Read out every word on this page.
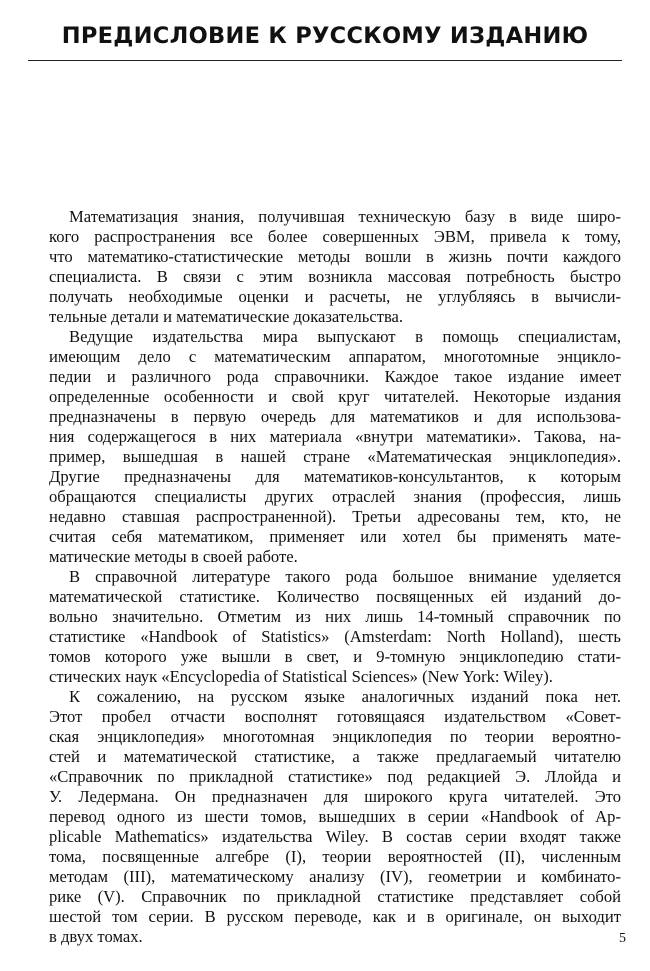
ПРЕДИСЛОВИЕ К РУССКОМУ ИЗДАНИЮ
Математизация знания, получившая техническую базу в виде широ-
кого распространения все более совершенных ЭВМ, привела к тому,
что математико-статистические методы вошли в жизнь почти каждого
специалиста. В связи с этим возникла массовая потребность быстро
получать необходимые оценки и расчеты, не углубляясь в вычисли-
тельные детали и математические доказательства.
Ведущие издательства мира выпускают в помощь специалистам,
имеющим дело с математическим аппаратом, многотомные энцикло-
педии и различного рода справочники. Каждое такое издание имеет
определенные особенности и свой круг читателей. Некоторые издания
предназначены в первую очередь для математиков и для использова-
ния содержащегося в них материала «внутри математики». Такова, на-
пример, вышедшая в нашей стране «Математическая энциклопедия».
Другие предназначены для математиков-консультантов, к которым
обращаются специалисты других отраслей знания (профессия, лишь
недавно ставшая распространенной). Третьи адресованы тем, кто, не
считая себя математиком, применяет или хотел бы применять мате-
матические методы в своей работе.
В справочной литературе такого рода большое внимание уделяется
математической статистике. Количество посвященных ей изданий до-
вольно значительно. Отметим из них лишь 14-томный справочник по
статистике «Handbook of Statistics» (Amsterdam: North Holland), шесть
томов которого уже вышли в свет, и 9-томную энциклопедию стати-
стических наук «Encyclopedia of Statistical Sciences» (New York: Wiley).
К сожалению, на русском языке аналогичных изданий пока нет.
Этот пробел отчасти восполнят готовящаяся издательством «Совет-
ская энциклопедия» многотомная энциклопедия по теории вероятно-
стей и математической статистике, а также предлагаемый читателю
«Справочник по прикладной статистике» под редакцией Э. Ллойда и
У. Ледермана. Он предназначен для широкого круга читателей. Это
перевод одного из шести томов, вышедших в серии «Handbook of Ap-
plicable Mathematics» издательства Wiley. В состав серии входят также
тома, посвященные алгебре (I), теории вероятностей (II), численным
методам (III), математическому анализу (IV), геометрии и комбинато-
рике (V). Справочник по прикладной статистике представляет собой
шестой том серии. В русском переводе, как и в оригинале, он выходит
в двух томах.	5
